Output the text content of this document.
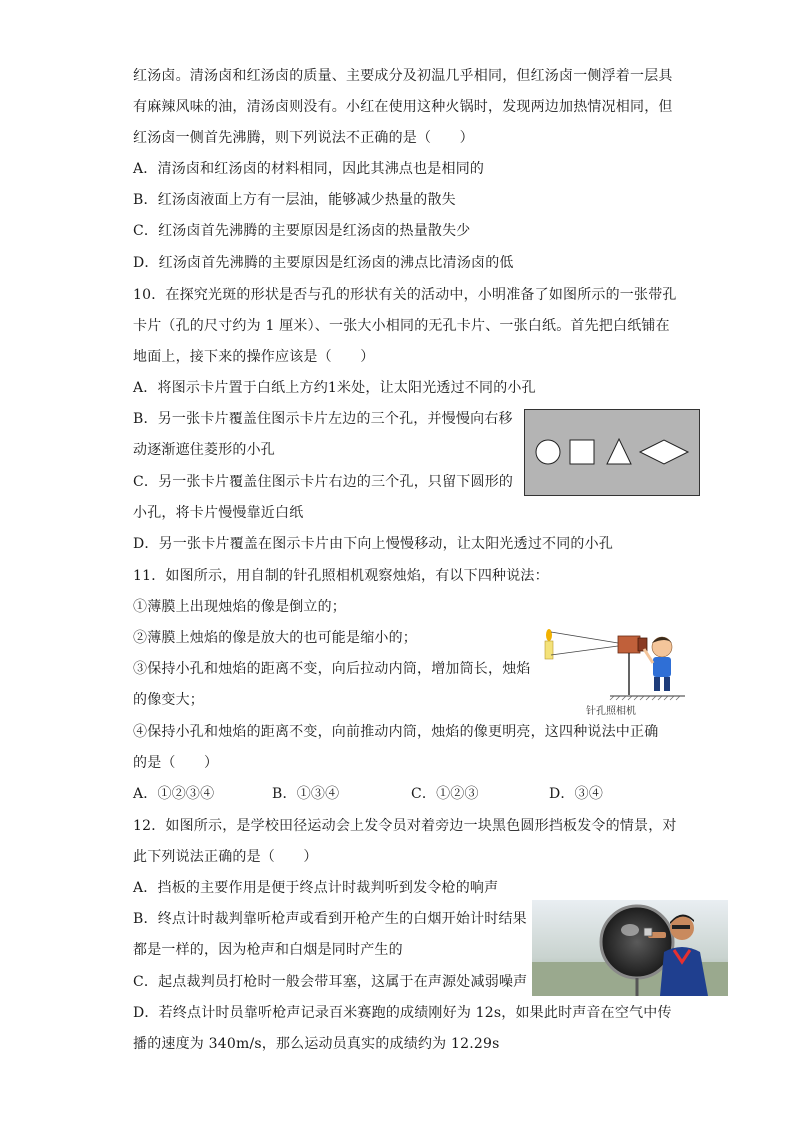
红汤卤。清汤卤和红汤卤的质量、主要成分及初温几乎相同，但红汤卤一侧浮着一层具
有麻辣风味的油，清汤卤则没有。小红在使用这种火锅时，发现两边加热情况相同，但
红汤卤一侧首先沸腾，则下列说法不正确的是（　　）
A．清汤卤和红汤卤的材料相同，因此其沸点也是相同的
B．红汤卤液面上方有一层油，能够减少热量的散失
C．红汤卤首先沸腾的主要原因是红汤卤的热量散失少
D．红汤卤首先沸腾的主要原因是红汤卤的沸点比清汤卤的低
10．在探究光斑的形状是否与孔的形状有关的活动中，小明准备了如图所示的一张带孔
卡片（孔的尺寸约为 1 厘米）、一张大小相同的无孔卡片、一张白纸。首先把白纸铺在
地面上，接下来的操作应该是（　　）
A．将图示卡片置于白纸上方约1米处，让太阳光透过不同的小孔
B．另一张卡片覆盖住图示卡片左边的三个孔，并慢慢向右移
动逐渐遮住菱形的小孔
C．另一张卡片覆盖住图示卡片右边的三个孔，只留下圆形的
小孔，将卡片慢慢靠近白纸
D．另一张卡片覆盖在图示卡片由下向上慢慢移动，让太阳光透过不同的小孔
11．如图所示，用自制的针孔照相机观察烛焰，有以下四种说法：
①薄膜上出现烛焰的像是倒立的；
②薄膜上烛焰的像是放大的也可能是缩小的；
③保持小孔和烛焰的距离不变，向后拉动内筒，增加筒长，烛焰
的像变大；
④保持小孔和烛焰的距离不变，向前推动内筒，烛焰的像更明亮，这四种说法中正确
的是（　　）
A．①②③④	B．①③④	C．①②③	D．③④
针孔照相机
12．如图所示，是学校田径运动会上发令员对着旁边一块黑色圆形挡板发令的情景，对
此下列说法正确的是（　　）
A．挡板的主要作用是便于终点计时裁判听到发令枪的响声
B．终点计时裁判靠听枪声或看到开枪产生的白烟开始计时结果
都是一样的，因为枪声和白烟是同时产生的
C．起点裁判员打枪时一般会带耳塞，这属于在声源处减弱噪声
D．若终点计时员靠听枪声记录百米赛跑的成绩刚好为 12s，如果此时声音在空气中传
播的速度为 340m/s，那么运动员真实的成绩约为 12.29s
